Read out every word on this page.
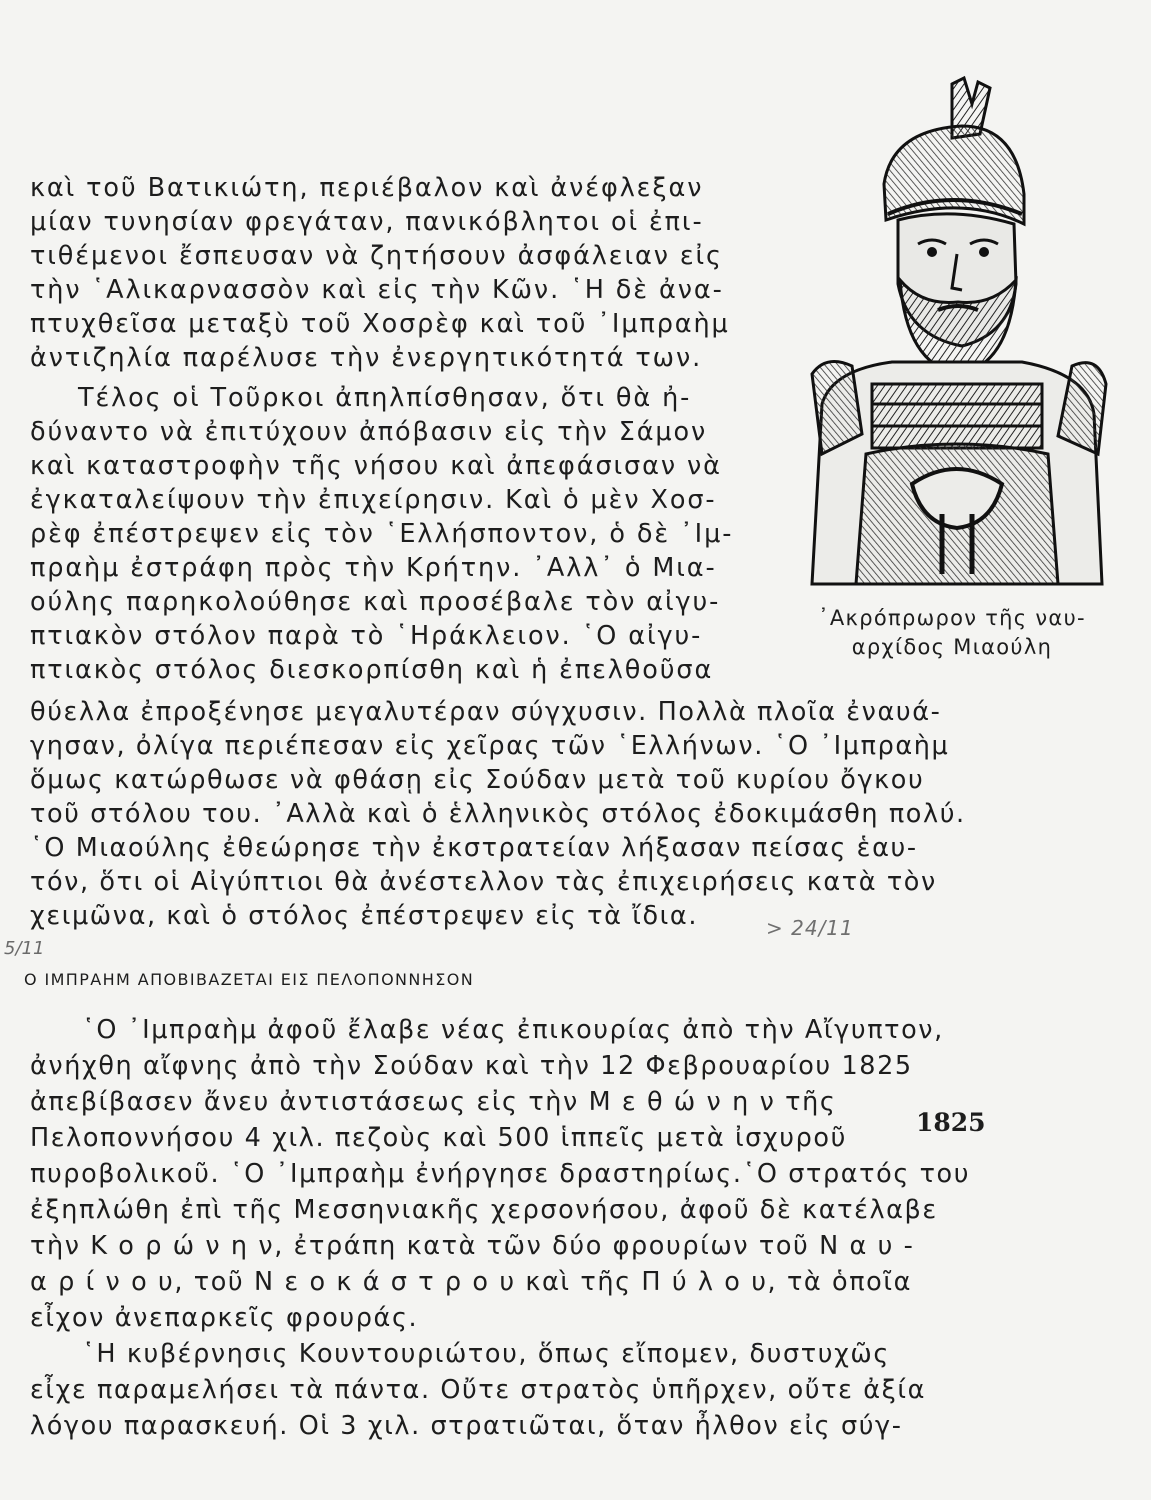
᾿Ακρόπρωρον τῆς ναυ-
αρχίδος Μιαούλη

καὶ τοῦ Βατικιώτη, περιέβαλον καὶ ἀνέφλεξαν

μίαν τυνησίαν φρεγάταν, πανικόβλητοι οἱ ἐπι-

τιθέμενοι ἔσπευσαν νὰ ζητήσουν ἀσφάλειαν εἰς

τὴν ῾Αλικαρνασσὸν καὶ εἰς τὴν Κῶν. ῾Η δὲ ἀνα-

πτυχθεῖσα μεταξὺ τοῦ Χοσρὲφ καὶ τοῦ ᾿Ιμπραὴμ

ἀντιζηλία παρέλυσε τὴν ἐνεργητικότητά των.

Τέλος οἱ Τοῦρκοι ἀπηλπίσθησαν, ὅτι θὰ ἠ-

δύναντο νὰ ἐπιτύχουν ἀπόβασιν εἰς τὴν Σάμον

καὶ καταστροφὴν τῆς νήσου καὶ ἀπεφάσισαν νὰ

ἐγκαταλείψουν τὴν ἐπιχείρησιν. Καὶ ὁ μὲν Χοσ-

ρὲφ ἐπέστρεψεν εἰς τὸν ῾Ελλήσποντον, ὁ δὲ ᾿Ιμ-

πραὴμ ἐστράφη πρὸς τὴν Κρήτην. ᾿Αλλ᾿ ὁ Μια-

ούλης παρηκολούθησε καὶ προσέβαλε τὸν αἰγυ-

πτιακὸν στόλον παρὰ τὸ ῾Ηράκλειον. ῾Ο αἰγυ-

πτιακὸς στόλος διεσκορπίσθη καὶ ἡ ἐπελθοῦσα

θύελλα ἐπροξένησε μεγαλυτέραν σύγχυσιν. Πολλὰ πλοῖα ἐναυά-

γησαν, ὀλίγα περιέπεσαν εἰς χεῖρας τῶν ῾Ελλήνων. ῾Ο ᾿Ιμπραὴμ

ὅμως κατώρθωσε νὰ φθάσῃ εἰς Σούδαν μετὰ τοῦ κυρίου ὄγκου

τοῦ στόλου του. ᾿Αλλὰ καὶ ὁ ἑλληνικὸς στόλος ἐδοκιμάσθη πολύ.

῾Ο Μιαούλης ἐθεώρησε τὴν ἐκστρατείαν λήξασαν πείσας ἑαυ-

τόν, ὅτι οἱ Αἰγύπτιοι θὰ ἀνέστελλον τὰς ἐπιχειρήσεις κατὰ τὸν

χειμῶνα, καὶ ὁ στόλος ἐπέστρεψεν εἰς τὰ ἴδια.	> 24/11
5/11

Ο ΙΜΠΡΑΗΜ ΑΠΟΒΙΒΑΖΕΤΑΙ ΕΙΣ ΠΕΛΟΠΟΝΝΗΣΟΝ

῾Ο ᾿Ιμπραὴμ ἀφοῦ ἔλαβε νέας ἐπικουρίας ἀπὸ τὴν Αἴγυπτον,

ἀνήχθη αἴφνης ἀπὸ τὴν Σούδαν καὶ τὴν 12 Φεβρουαρίου 1825

ἀπεβίβασεν ἄνευ ἀντιστάσεως εἰς τὴν Μ ε θ ώ ν η ν τῆς

Πελοποννήσου 4 χιλ. πεζοὺς καὶ 500 ἱππεῖς μετὰ ἰσχυροῦ

πυροβολικοῦ. ῾Ο ᾿Ιμπραὴμ ἐνήργησε δραστηρίως.῾Ο στρατός του

ἐξηπλώθη ἐπὶ τῆς Μεσσηνιακῆς χερσονήσου, ἀφοῦ δὲ κατέλαβε

τὴν Κ ο ρ ώ ν η ν, ἐτράπη κατὰ τῶν δύο φρουρίων τοῦ Ν α υ -

α ρ ί ν ο υ, τοῦ Ν ε ο κ ά σ τ ρ ο υ καὶ τῆς Π ύ λ ο υ, τὰ ὁποῖα

εἶχον ἀνεπαρκεῖς φρουράς.

1825

῾Η κυβέρνησις Κουντουριώτου, ὅπως εἴπομεν, δυστυχῶς

εἶχε παραμελήσει τὰ πάντα. Οὔτε στρατὸς ὑπῆρχεν, οὔτε ἀξία

λόγου παρασκευή. Οἱ 3 χιλ. στρατιῶται, ὅταν ἦλθον εἰς σύγ-
